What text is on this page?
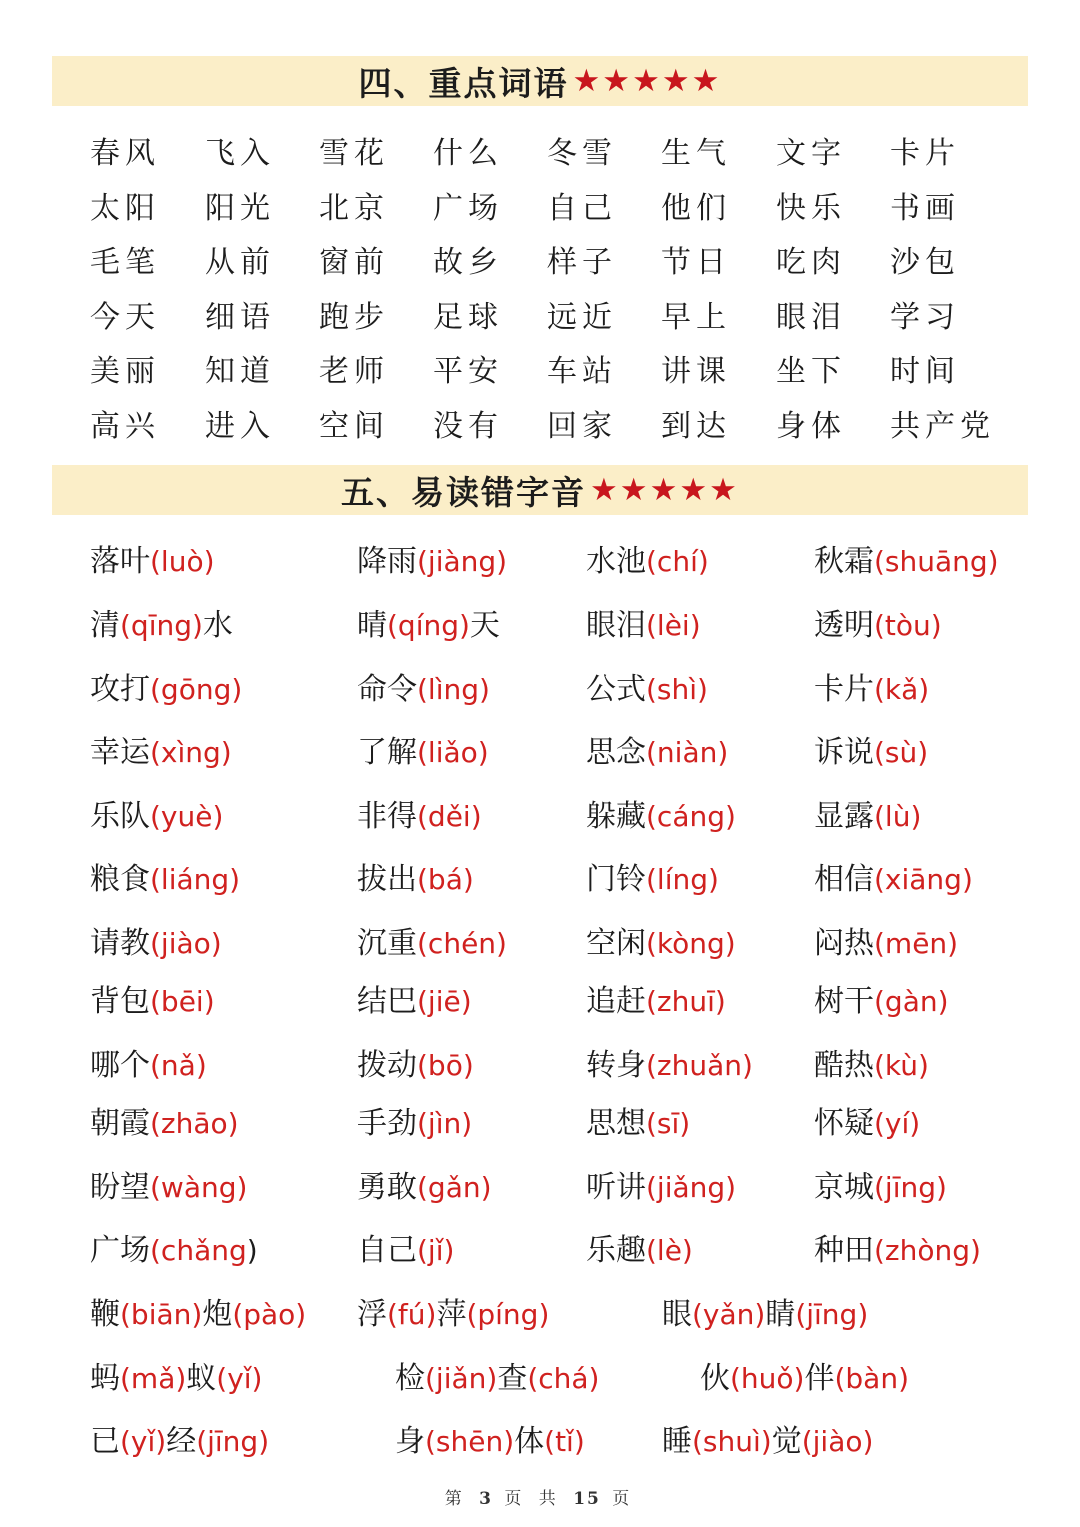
四、重点词语 ★★★★★
春风 飞入 雪花 什么 冬雪 生气 文字 卡片
太阳 阳光 北京 广场 自己 他们 快乐 书画
毛笔 从前 窗前 故乡 样子 节日 吃肉 沙包
今天 细语 跑步 足球 远近 早上 眼泪 学习
美丽 知道 老师 平安 车站 讲课 坐下 时间
高兴 进入 空间 没有 回家 到达 身体 共产党
五、易读错字音 ★★★★★
落叶(luò)	降雨(jiàng)	水池(chí)	秋霜(shuāng)
清(qīng)水	晴(qíng)天	眼泪(lèi)	透明(tòu)
攻打(gōng)	命令(lìng)	公式(shì)	卡片(kǎ)
幸运(xìng)	了解(liǎo)	思念(niàn)	诉说(sù)
乐队(yuè)	非得(děi)	躲藏(cáng)	显露(lù)
粮食(liáng)	拔出(bá)	门铃(líng)	相信(xiāng)
请教(jiào)	沉重(chén)	空闲(kòng)	闷热(mēn)
背包(bēi)	结巴(jiē)	追赶(zhuī)	树干(gàn)
哪个(nǎ)	拨动(bō)	转身(zhuǎn) 酷热(kù)
朝霞(zhāo)	手劲(jìn)	思想(sī)	怀疑(yí)
盼望(wàng)	勇敢(gǎn)	听讲(jiǎng)	京城(jīng)
广场(chǎng)	自己(jǐ)	乐趣(lè)	种田(zhòng)
鞭(biān)炮(pào) 浮(fú)萍(píng)	眼(yǎn)睛(jīng)
蚂(mǎ)蚁(yǐ)	检(jiǎn)查(chá)	伙(huǒ)伴(bàn)
已(yǐ)经(jīng)	身(shēn)体(tǐ)	睡(shuì)觉(jiào)
第 3 页 共 15 页
